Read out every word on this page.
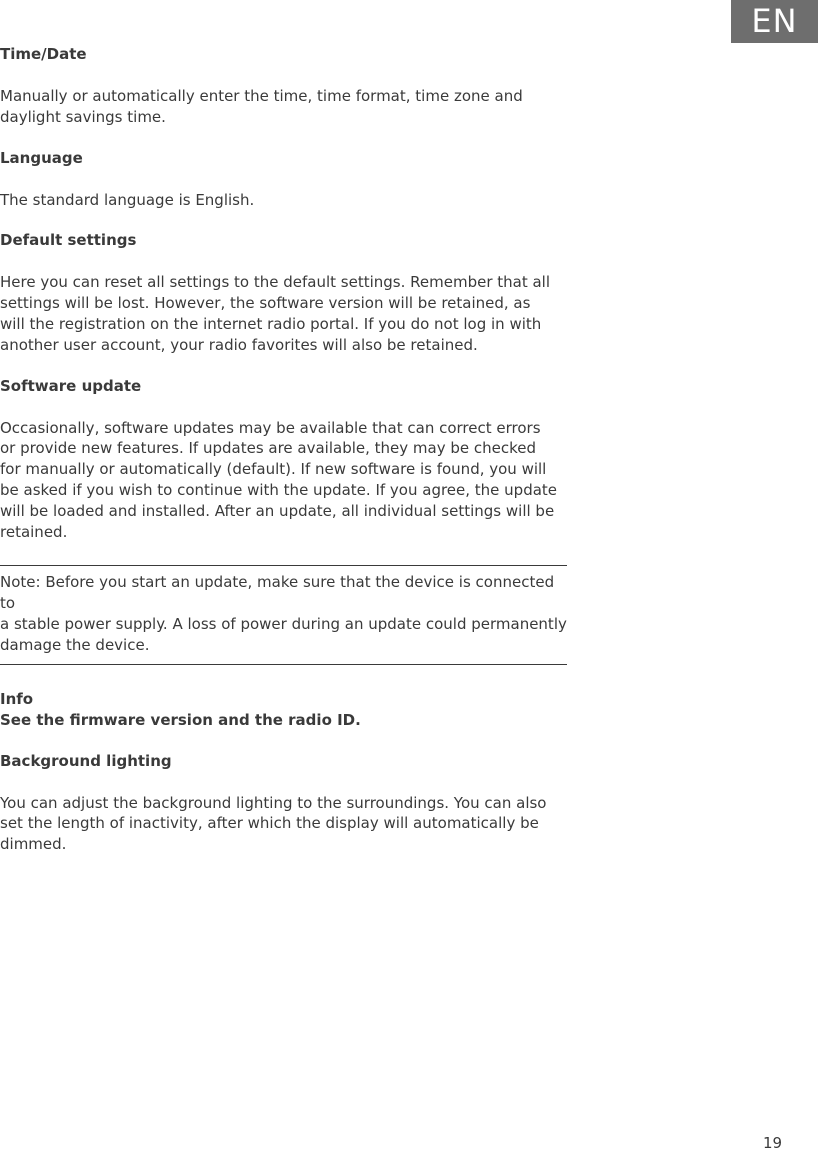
EN
Time/Date
Manually or automatically enter the time, time format, time zone and
daylight savings time.
Language
The standard language is English.
Default settings
Here you can reset all settings to the default settings. Remember that all
settings will be lost. However, the software version will be retained, as
will the registration on the internet radio portal. If you do not log in with
another user account, your radio favorites will also be retained.
Software update
Occasionally, software updates may be available that can correct errors
or provide new features. If updates are available, they may be checked
for manually or automatically (default). If new software is found, you will
be asked if you wish to continue with the update. If you agree, the update
will be loaded and installed. After an update, all individual settings will be
retained.
Note: Before you start an update, make sure that the device is connected to
a stable power supply. A loss of power during an update could permanently
damage the device.
Info
See the firmware version and the radio ID.
Background lighting
You can adjust the background lighting to the surroundings. You can also
set the length of inactivity, after which the display will automatically be
dimmed.
19
